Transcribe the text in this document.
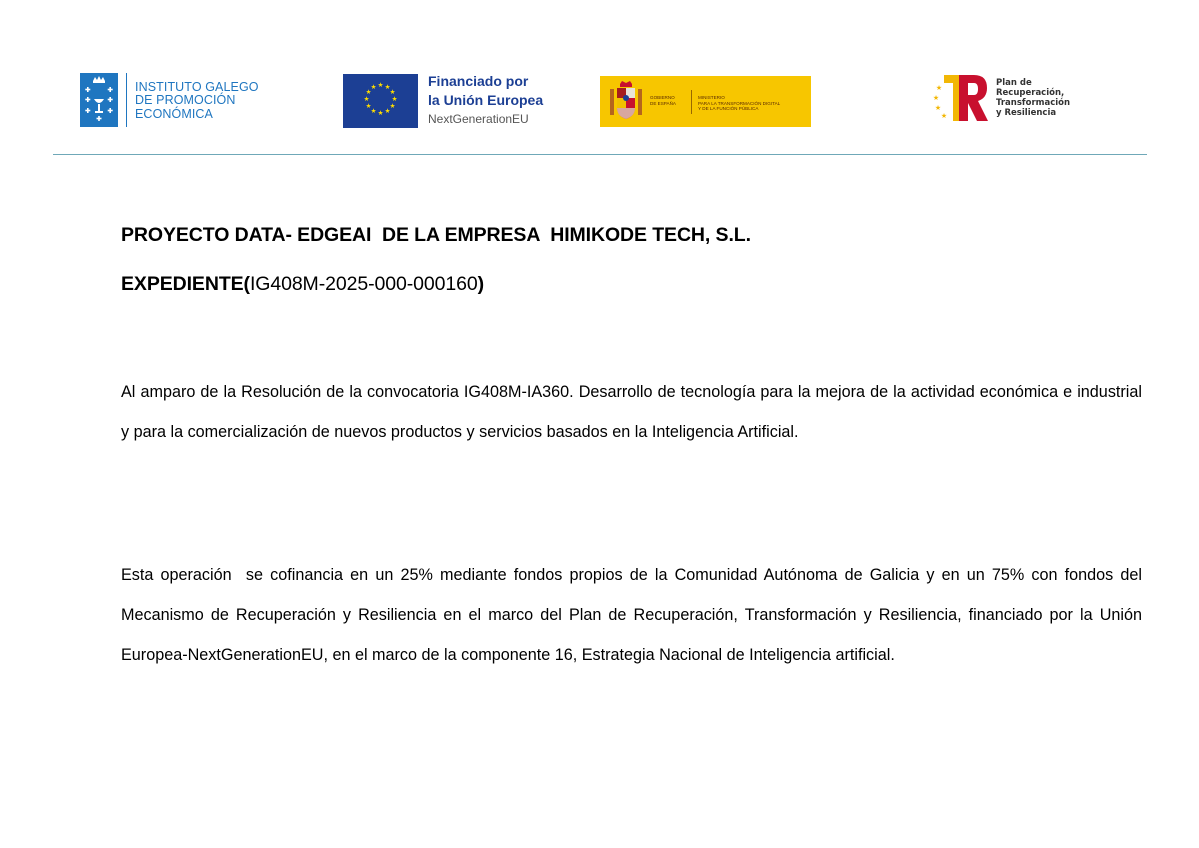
INSTITUTO GALEGO
DE PROMOCIÓN
ECONÓMICA
★ ★
★
★
★
★
★
★
★
★
★
★	Financiado por
la Unión Europea
NextGenerationEU
GOBIERNO
DE ESPAÑA
MINISTERIO
PARA LA TRANSFORMACIÓN DIGITAL
Y DE LA FUNCIÓN PÚBLICA
★
★
★
★
Plan de
Recuperación,
Transformación
y Resiliencia
PROYECTO DATA- EDGEAI  DE LA EMPRESA  HIMIKODE TECH, S.L.
EXPEDIENTE(IG408M-2025-000-000160)
Al amparo de la Resolución de la convocatoria IG408M-IA360. Desarrollo de tecnología para la mejora de la actividad económica e industrial y para la comercialización de nuevos productos y servicios basados en la Inteligencia Artificial.
Esta operación  se cofinancia en un 25% mediante fondos propios de la Comunidad Autónoma de Galicia y en un 75% con fondos del Mecanismo de Recuperación y Resiliencia en el marco del Plan de Recuperación, Transformación y Resiliencia, financiado por la Unión Europea-NextGenerationEU, en el marco de la componente 16, Estrategia Nacional de Inteligencia artificial.
